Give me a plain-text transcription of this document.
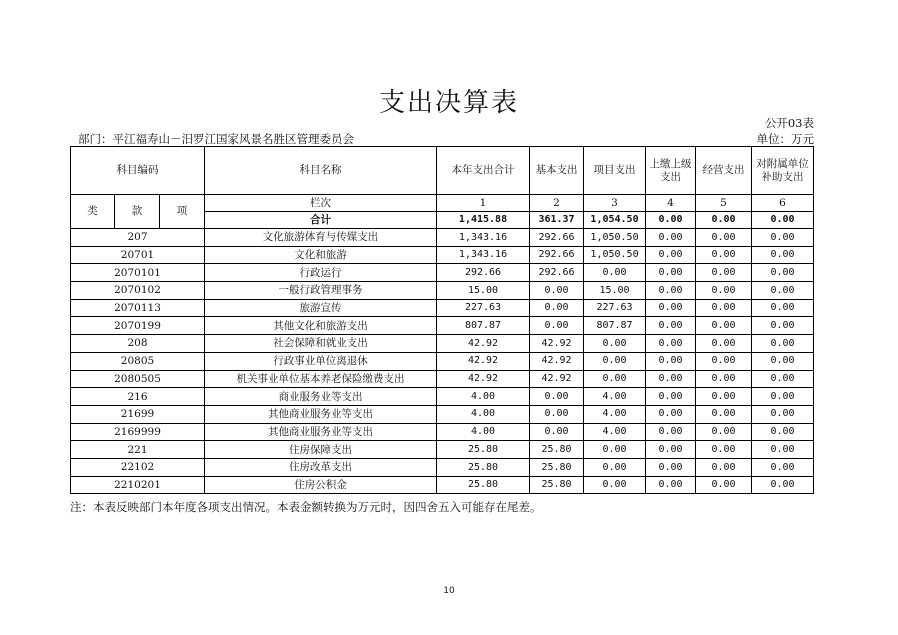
支出决算表
公开03表
部门：平江福寿山－汨罗江国家风景名胜区管理委员会	单位：万元
科目编码			科目名称	本年支出合计	基本支出	项目支出	上缴上级支出	经营支出	对附属单位补助支出
类	款	项	栏次	1	2	3	4	5	6
			合计	1,415.88	361.37	1,054.50	0.00	0.00	0.00
207			文化旅游体育与传媒支出	1,343.16	292.66	1,050.50	0.00	0.00	0.00
20701			文化和旅游	1,343.16	292.66	1,050.50	0.00	0.00	0.00
2070101			行政运行	292.66	292.66	0.00	0.00	0.00	0.00
2070102			一般行政管理事务	15.00	0.00	15.00	0.00	0.00	0.00
2070113			旅游宣传	227.63	0.00	227.63	0.00	0.00	0.00
2070199			其他文化和旅游支出	807.87	0.00	807.87	0.00	0.00	0.00
208			社会保障和就业支出	42.92	42.92	0.00	0.00	0.00	0.00
20805			行政事业单位离退休	42.92	42.92	0.00	0.00	0.00	0.00
2080505			机关事业单位基本养老保险缴费支出	42.92	42.92	0.00	0.00	0.00	0.00
216			商业服务业等支出	4.00	0.00	4.00	0.00	0.00	0.00
21699			其他商业服务业等支出	4.00	0.00	4.00	0.00	0.00	0.00
2169999			其他商业服务业等支出	4.00	0.00	4.00	0.00	0.00	0.00
221			住房保障支出	25.80	25.80	0.00	0.00	0.00	0.00
22102			住房改革支出	25.80	25.80	0.00	0.00	0.00	0.00
2210201			住房公积金	25.80	25.80	0.00	0.00	0.00	0.00
注：本表反映部门本年度各项支出情况。本表金额转换为万元时，因四舍五入可能存在尾差。
10
